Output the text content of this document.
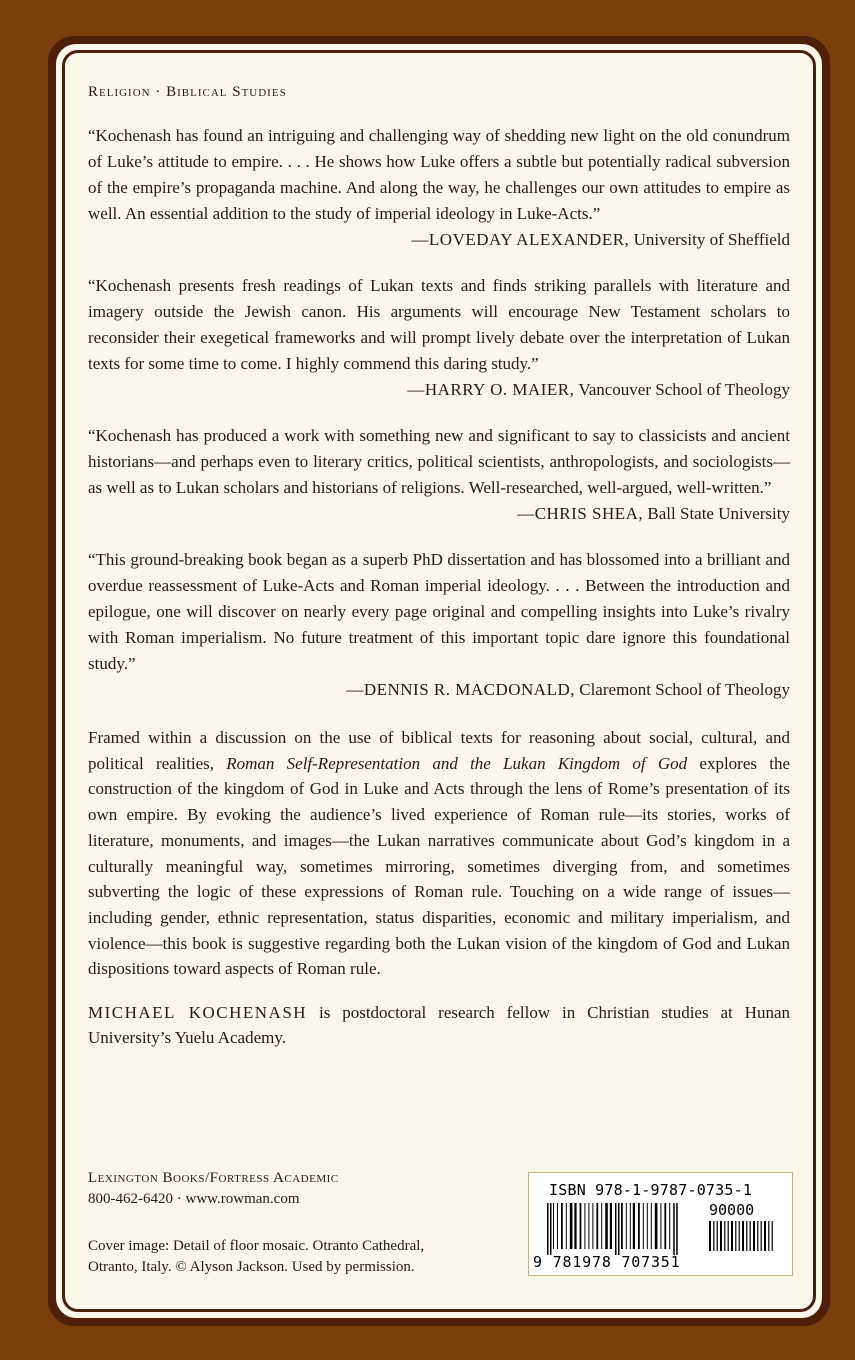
Religion · Biblical Studies

“Kochenash has found an intriguing and challenging way of shedding new light on the old conundrum of Luke’s attitude to empire. . . . He shows how Luke offers a subtle but potentially radical subversion of the empire’s propaganda machine. And along the way, he challenges our own attitudes to empire as well. An essential addition to the study of imperial ideology in Luke-Acts.”

—LOVEDAY ALEXANDER, University of Sheffield

“Kochenash presents fresh readings of Lukan texts and finds striking parallels with literature and imagery outside the Jewish canon. His arguments will encourage New Testament scholars to reconsider their exegetical frameworks and will prompt lively debate over the interpretation of Lukan texts for some time to come. I highly commend this daring study.”

—HARRY O. MAIER, Vancouver School of Theology

“Kochenash has produced a work with something new and significant to say to classicists and ancient historians—and perhaps even to literary critics, political scientists, anthropologists, and sociologists—as well as to Lukan scholars and historians of religions. Well-researched, well-argued, well-written.”

—CHRIS SHEA, Ball State University

“This ground-breaking book began as a superb PhD dissertation and has blossomed into a brilliant and overdue reassessment of Luke-Acts and Roman imperial ideology. . . . Between the introduction and epilogue, one will discover on nearly every page original and compelling insights into Luke’s rivalry with Roman imperialism. No future treatment of this important topic dare ignore this foundational study.”

—DENNIS R. MACDONALD, Claremont School of Theology

Framed within a discussion on the use of biblical texts for reasoning about social, cultural, and political realities, Roman Self-Representation and the Lukan Kingdom of God explores the construction of the kingdom of God in Luke and Acts through the lens of Rome’s presentation of its own empire. By evoking the audience’s lived experience of Roman rule—its stories, works of literature, monuments, and images—the Lukan narratives communicate about God’s kingdom in a culturally meaningful way, sometimes mirroring, sometimes diverging from, and sometimes subverting the logic of these expressions of Roman rule. Touching on a wide range of issues—including gender, ethnic representation, status disparities, economic and military imperialism, and violence—this book is suggestive regarding both the Lukan vision of the kingdom of God and Lukan dispositions toward aspects of Roman rule.

MICHAEL KOCHENASH is postdoctoral research fellow in Christian studies at Hunan University’s Yuelu Academy.

Lexington Books/Fortress Academic
800-462-6420 · www.rowman.com
Cover image: Detail of floor mosaic. Otranto Cathedral, Otranto, Italy. © Alyson Jackson. Used by permission.
ISBN 978-1-9787-0735-1
90000
9 781978 707351
